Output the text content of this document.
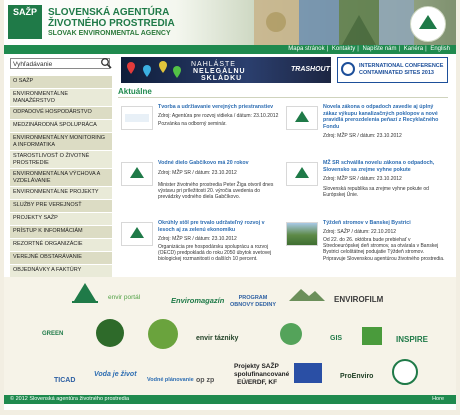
SAŽP	SLOVENSKÁ AGENTÚRA
ŽIVOTNÉHO PROSTREDIA
SLOVAK ENVIRONMENTAL AGENCY
Mapa stránok | Kontakty | Napíšte nám | Kariéra | English
Vyhľadávanie	NAHLÁSTE
NELEGÁLNU
SKLÁDKU
TRASHOUT	INTERNATIONAL CONFERENCE
CONTAMINATED SITES 2013
O SAŽP
ENVIRONMENTÁLNE MANAŽÉRSTVO
ODPADOVÉ HOSPODÁRSTVO
MEDZINÁRODNÁ SPOLUPRÁCA
ENVIRONMENTÁLNY MONITORING A INFORMATIKA
STAROSTLIVOSŤ O ŽIVOTNÉ PROSTREDIE
ENVIRONMENTÁLNA VÝCHOVA A VZDELÁVANIE
ENVIRONMENTÁLNE PROJEKTY
SLUŽBY PRE VEREJNOSŤ
PROJEKTY SAŽP
PRÍSTUP K INFORMÁCIÁM
REZORTNÉ ORGANIZÁCIE
VEREJNÉ OBSTARÁVANIE
OBJEDNÁVKY A FAKTÚRY
Aktuálne
Tvorba a udržiavanie verejných priestranstiev
Zdroj: Agentúra pre rozvoj vidieka / dátum: 23.10.2012
Pozvánka na odborný seminár.
Novela zákona o odpadoch zavedie aj úplný zákaz výkupu kanalizačných poklopov a nové pravidlá prerozdelenia peňazí z Recyklačného Fondu
Zdroj: MŽP SR / dátum: 23.10.2012
Vodné dielo Gabčíkovo má 20 rokov
Zdroj: MŽP SR / dátum: 23.10.2012
Minister životného prostredia Peter Žiga otvoril dnes výstavu pri príležitosti 20. výročia uvedenia do prevádzky vodného diela Gabčíkovo.
MŽ SR schválila novelu zákona o odpadoch, Slovensko sa zrejme vyhne pokute
Zdroj: MŽP SR / dátum: 23.10.2012
Slovenská republika sa zrejme vyhne pokute od Európskej Únie.
Okrúhly stôl pre trvalo udržateľný rozvoj v lesoch aj za zelenú ekonomiku
Zdroj: MŽP SR / dátum: 23.10.2012
Organizácia pre hospodársku spoluprácu a rozvoj (OECD) predpokladá do roku 2050 úbytok svetovej biologickej rozmanitosti o dalších 10 percent.
Týždeň stromov v Banskej Bystrici
Zdroj: SAŽP / dátum: 22.10.2012
Od 22. do 26. októbra bude prebiehať v Stredoeurópskej deň stromov, sa otvárala v Banskej Bystrici celoštátnej podujatie Týždeň stromov. Pripravuje Slovenskou agentúrou životného prostredia.
envir portál	Enviromagazín	PROGRAM OBNOVY DEDINY
ENVIROFILM
GREEN
envir tázniky	GIS	INSPIRE
TICAD
Voda je život
Vodné plánovanie op zp
Projekty SAŽP
spolufinancované
EÚ/ERDF, KF
ProEnviro
© 2012 Slovenská agentúra životného prostredia	Hore
